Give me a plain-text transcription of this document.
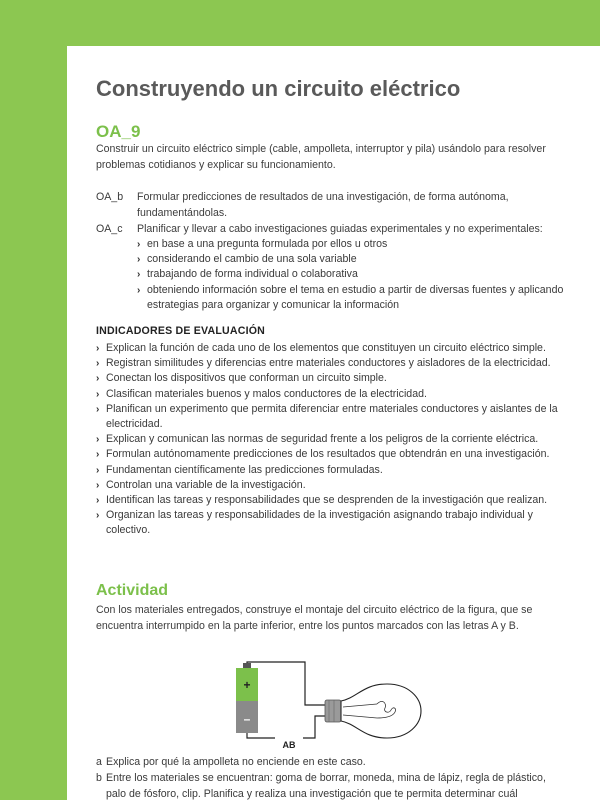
Construyendo un circuito eléctrico
OA_9

Construir un circuito eléctrico simple (cable, ampolleta, interruptor y pila) usándolo para resolver problemas cotidianos y explicar su funcionamiento.

OA_b	Formular predicciones de resultados de una investigación, de forma autónoma, fundamentándolas.

OA_c	Planificar y llevar a cabo investigaciones guiadas experimentales y no experimentales:

› en base a una pregunta formulada por ellos u otros
› considerando el cambio de una sola variable
› trabajando de forma individual o colaborativa
› obteniendo información sobre el tema en estudio a partir de diversas fuentes y aplicando estrategias para organizar y comunicar la información
INDICADORES DE EVALUACIÓN
› Explican la función de cada uno de los elementos que constituyen un circuito eléctrico simple.
› Registran similitudes y diferencias entre materiales conductores y aisladores de la electricidad.
› Conectan los dispositivos que conforman un circuito simple.
› Clasifican materiales buenos y malos conductores de la electricidad.
› Planifican un experimento que permita diferenciar entre materiales conductores y aislantes de la electricidad.
› Explican y comunican las normas de seguridad frente a los peligros de la corriente eléctrica.
› Formulan autónomamente predicciones de los resultados que obtendrán en una investigación.
› Fundamentan científicamente las predicciones formuladas.
› Controlan una variable de la investigación.
› Identifican las tareas y responsabilidades que se desprenden de la investigación que realizan.
› Organizan las tareas y responsabilidades de la investigación asignando trabajo individual y colectivo.
Actividad

Con los materiales entregados, construye el montaje del circuito eléctrico de la figura, que se encuentra interrumpido en la parte inferior, entre los puntos marcados con las letras A y B.

+
–
AB
a Explica por qué la ampolleta no enciende en este caso.
b Entre los materiales se encuentran: goma de borrar, moneda, mina de lápiz, regla de plástico, palo de fósforo, clip. Planifica y realiza una investigación que te permita determinar cuál
